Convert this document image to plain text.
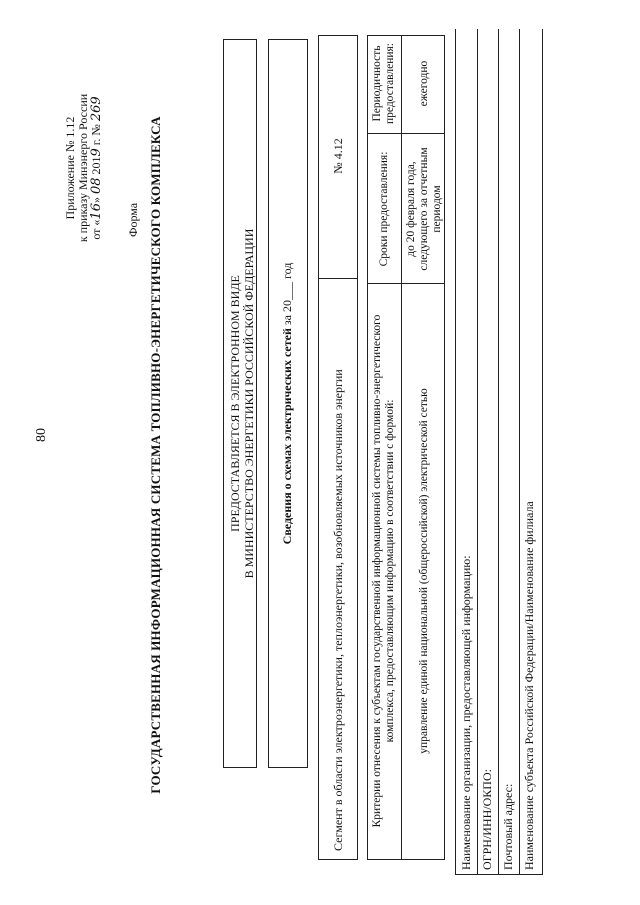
80
Приложение № 1.12 к приказу Минэнерго России от «16» 08 2019 г. № 269
Форма ГОСУДАРСТВЕННАЯ ИНФОРМАЦИОННАЯ СИСТЕМА ТОПЛИВНО-ЭНЕРГЕТИЧЕСКОГО КОМПЛЕКСА	ПРЕДОСТАВЛЯЕТСЯ В ЭЛЕКТРОННОМ ВИДЕ В МИНИСТЕРСТВО ЭНЕРГЕТИКИ РОССИЙСКОЙ ФЕДЕРАЦИИ	Сведения о схемах электрических сетей за 20___ год
Сегмент в области электроэнергетики, теплоэнергетики, возобновляемых источников энергии
№ 4.12
Критерии отнесения к субъектам государственной информационной системы топливно-энергетического комплекса, предоставляющим информацию в соответствии с формой: управление единой национальной (общероссийской) электрической сетью
Сроки предоставления: до 20 февраля года, следующего за отчетным периодом
Периодичность предоставления: ежегодно
Наименование организации, предоставляющей информацию: ОГРН/ИНН/ОКПО: Почтовый адрес: Наименование субъекта Российской Федерации/Наименование филиала
